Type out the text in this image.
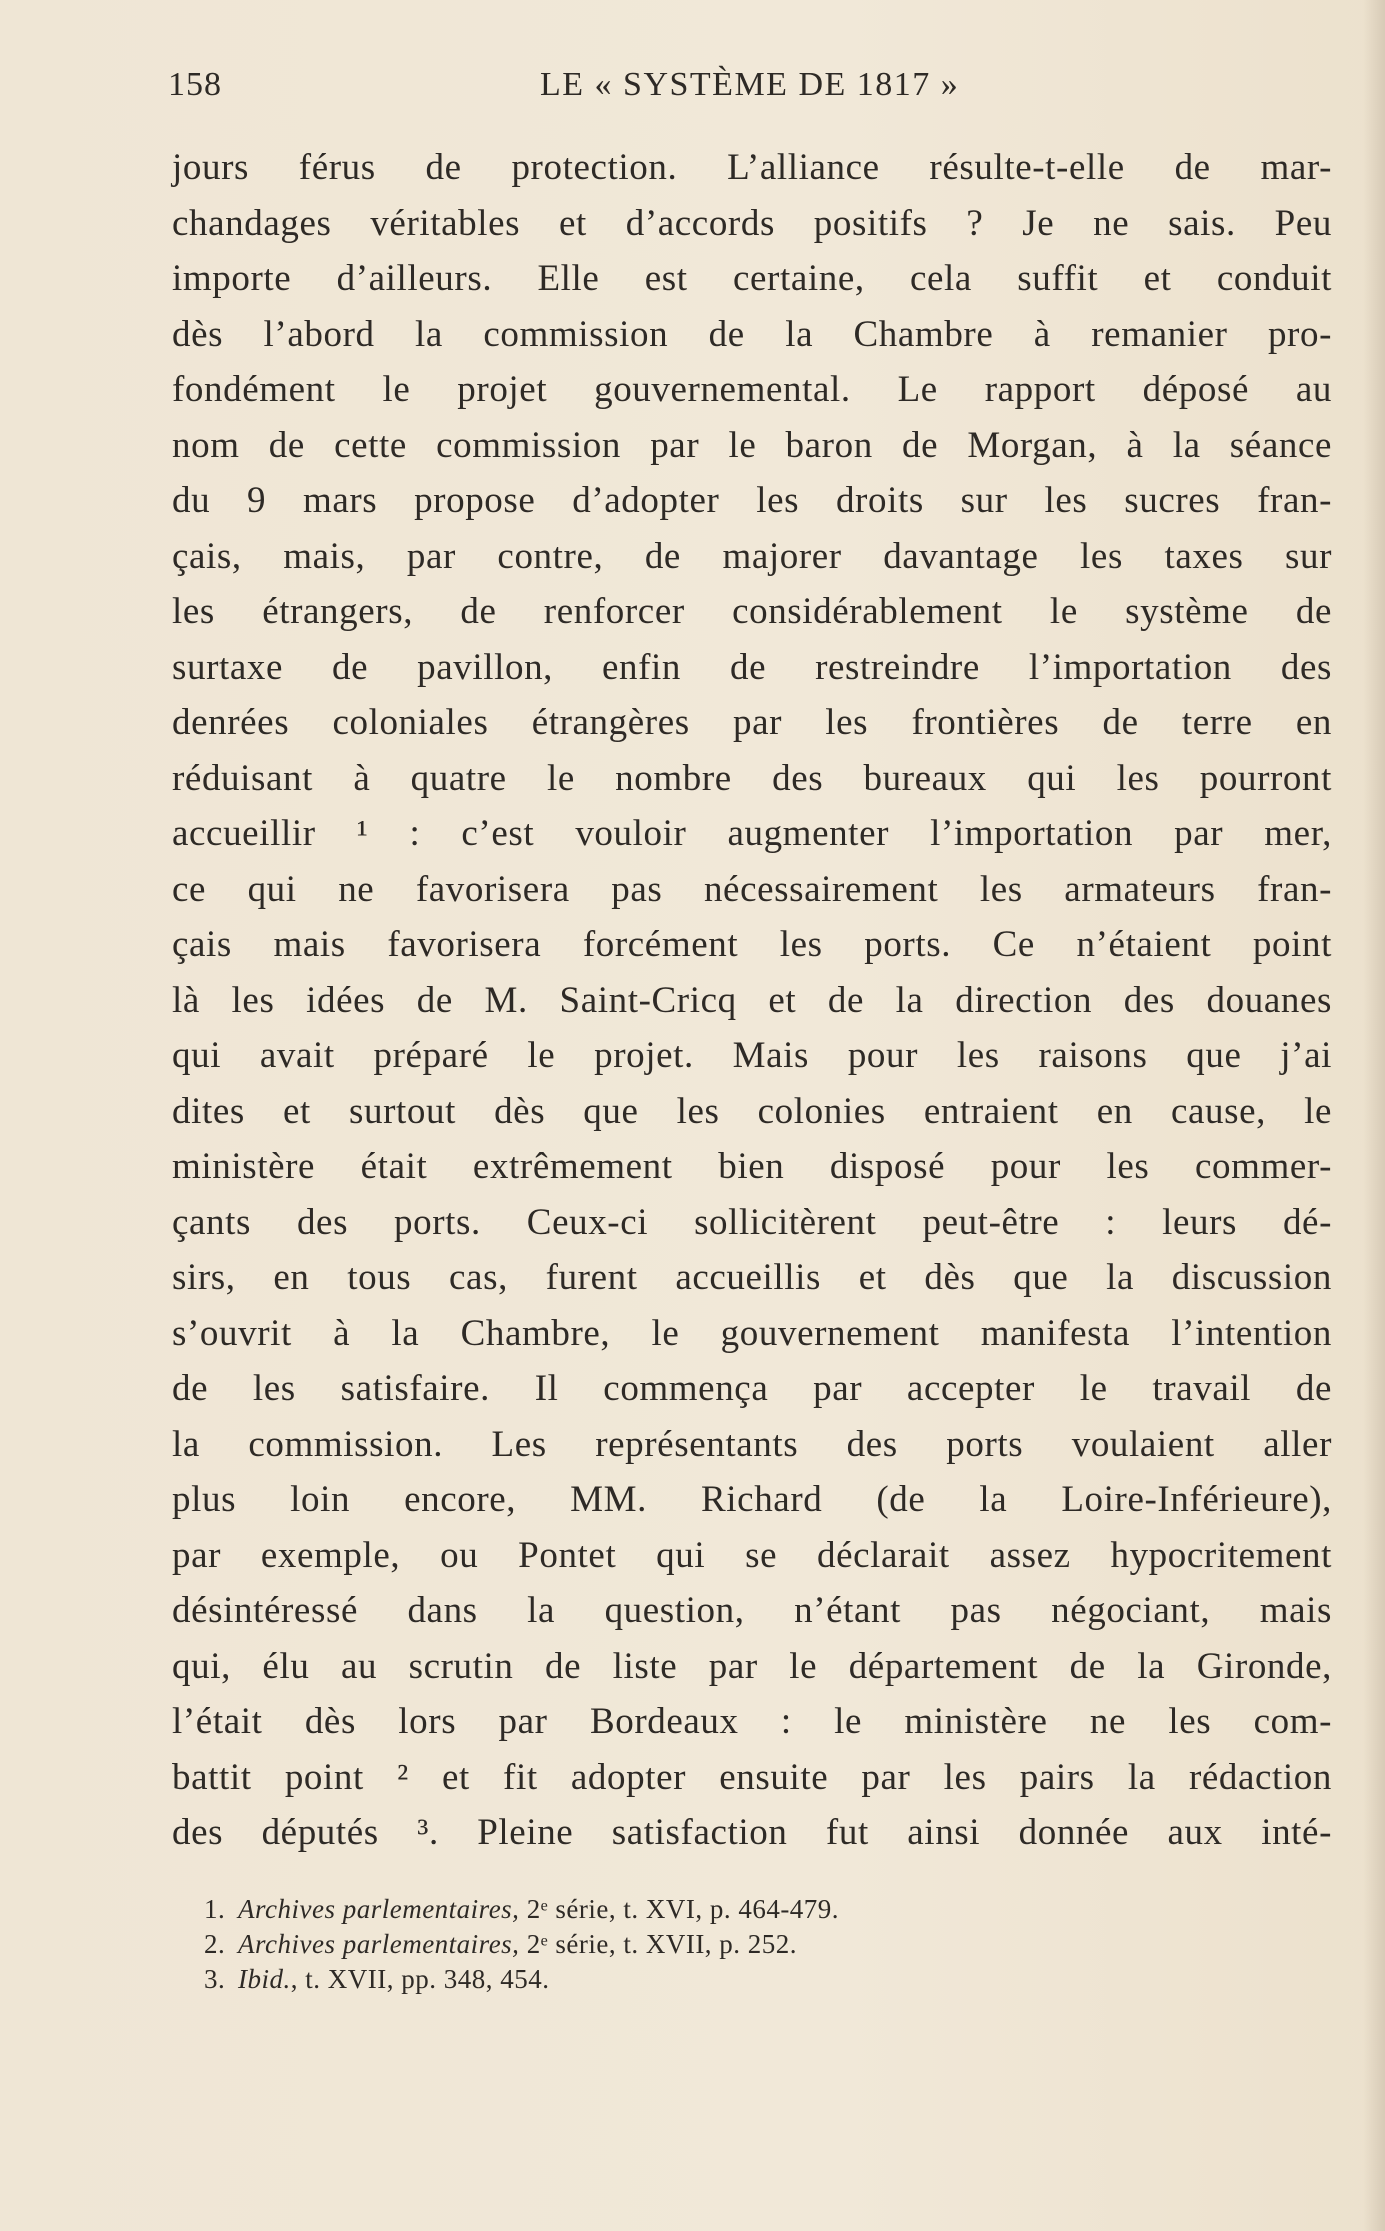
158	LE « SYSTÈME DE 1817 »
jours férus de protection. L’alliance résulte-t-elle de mar-
chandages véritables et d’accords positifs ? Je ne sais. Peu
importe d’ailleurs. Elle est certaine, cela suffit et conduit
dès l’abord la commission de la Chambre à remanier pro-
fondément le projet gouvernemental. Le rapport déposé au
nom de cette commission par le baron de Morgan, à la séance
du 9 mars propose d’adopter les droits sur les sucres fran-
çais, mais, par contre, de majorer davantage les taxes sur
les étrangers, de renforcer considérablement le système de
surtaxe de pavillon, enfin de restreindre l’importation des
denrées coloniales étrangères par les frontières de terre en
réduisant à quatre le nombre des bureaux qui les pourront
accueillir ¹ : c’est vouloir augmenter l’importation par mer,
ce qui ne favorisera pas nécessairement les armateurs fran-
çais mais favorisera forcément les ports. Ce n’étaient point
là les idées de M. Saint-Cricq et de la direction des douanes
qui avait préparé le projet. Mais pour les raisons que j’ai
dites et surtout dès que les colonies entraient en cause, le
ministère était extrêmement bien disposé pour les commer-
çants des ports. Ceux-ci sollicitèrent peut-être : leurs dé-
sirs, en tous cas, furent accueillis et dès que la discussion
s’ouvrit à la Chambre, le gouvernement manifesta l’intention
de les satisfaire. Il commença par accepter le travail de
la commission. Les représentants des ports voulaient aller
plus loin encore, MM. Richard (de la Loire-Inférieure),
par exemple, ou Pontet qui se déclarait assez hypocritement
désintéressé dans la question, n’étant pas négociant, mais
qui, élu au scrutin de liste par le département de la Gironde,
l’était dès lors par Bordeaux : le ministère ne les com-
battit point ² et fit adopter ensuite par les pairs la rédaction
des députés ³. Pleine satisfaction fut ainsi donnée aux inté-
1. Archives parlementaires, 2ᵉ série, t. XVI, p. 464-479.
2. Archives parlementaires, 2ᵉ série, t. XVII, p. 252.
3. Ibid., t. XVII, pp. 348, 454.
